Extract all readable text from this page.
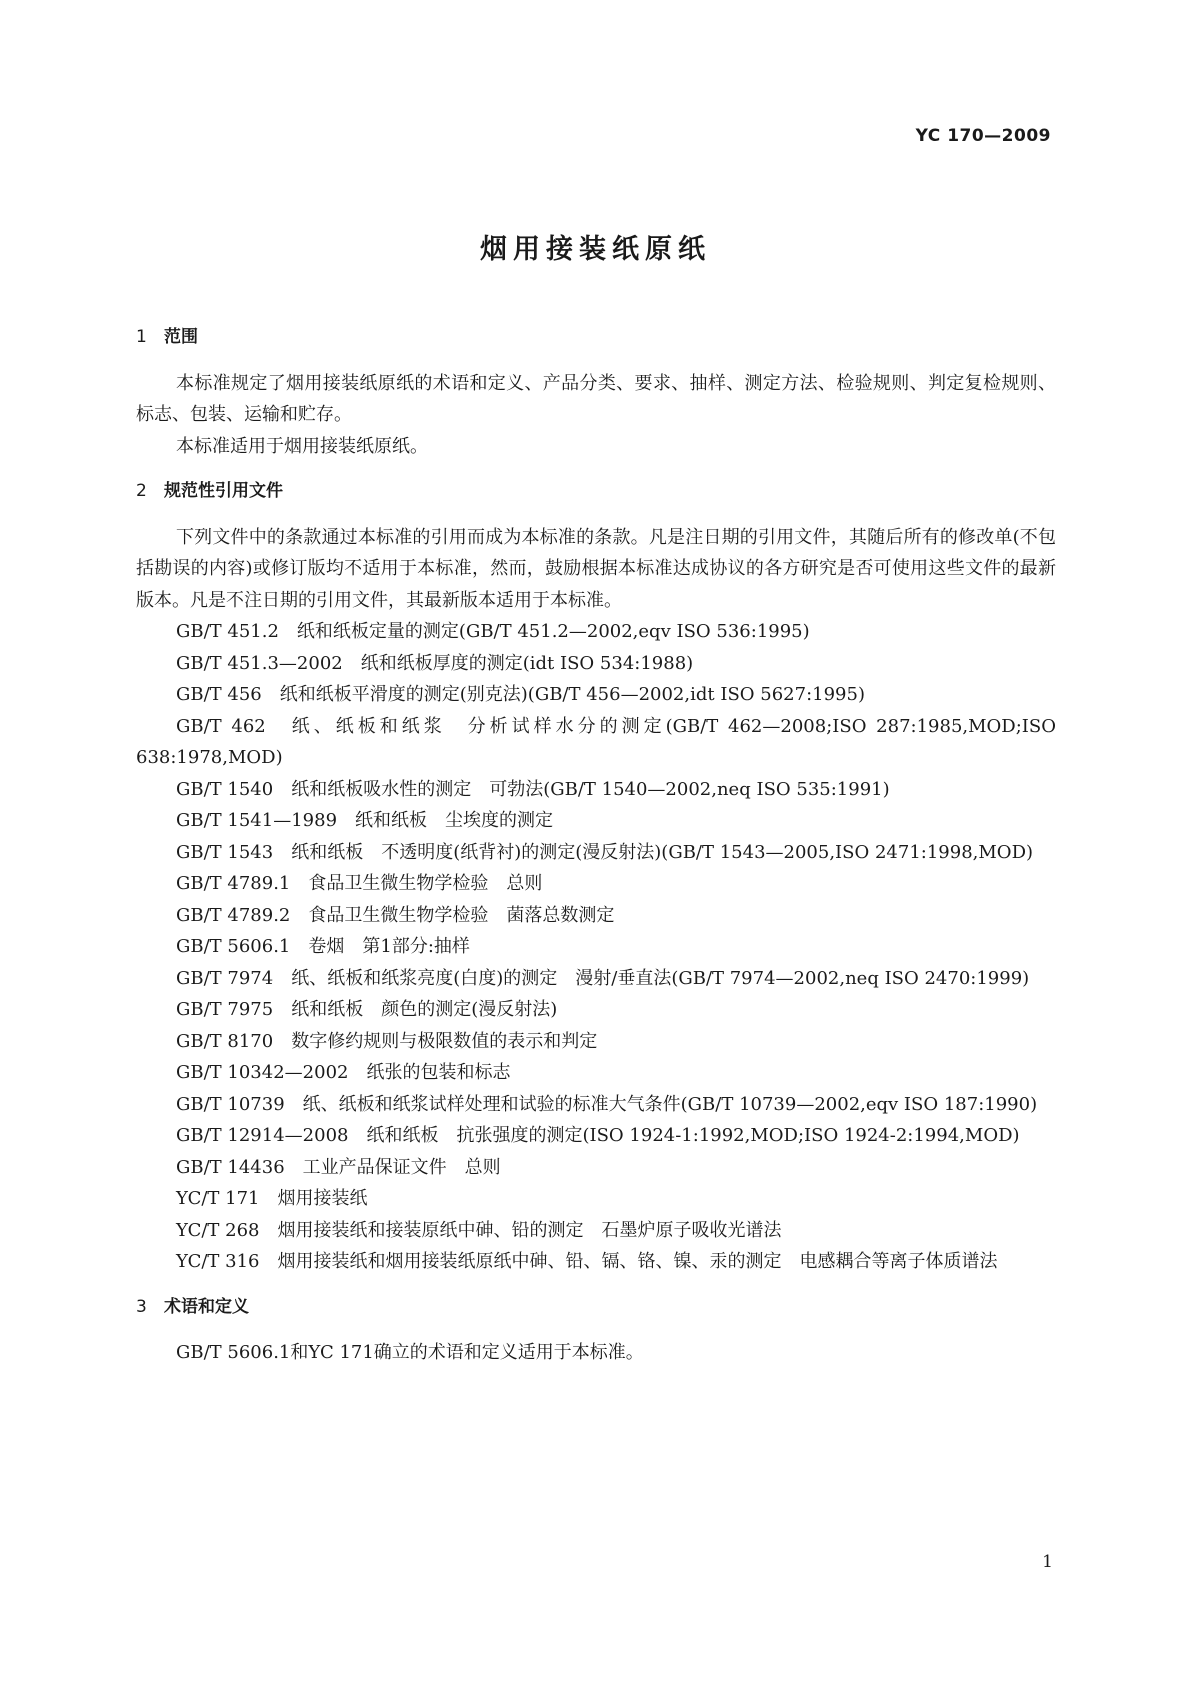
YC 170—2009
烟用接装纸原纸
1 范围
本标准规定了烟用接装纸原纸的术语和定义、产品分类、要求、抽样、测定方法、检验规则、判定复检规则、标志、包装、运输和贮存。
本标准适用于烟用接装纸原纸。
2 规范性引用文件
下列文件中的条款通过本标准的引用而成为本标准的条款。凡是注日期的引用文件，其随后所有的修改单(不包括勘误的内容)或修订版均不适用于本标准，然而，鼓励根据本标准达成协议的各方研究是否可使用这些文件的最新版本。凡是不注日期的引用文件，其最新版本适用于本标准。
GB/T 451.2　纸和纸板定量的测定(GB/T 451.2—2002,eqv ISO 536:1995)
GB/T 451.3—2002　纸和纸板厚度的测定(idt ISO 534:1988)
GB/T 456　纸和纸板平滑度的测定(别克法)(GB/T 456—2002,idt ISO 5627:1995)
GB/T 462　纸、纸板和纸浆　分析试样水分的测定(GB/T 462—2008;ISO 287:1985,MOD;ISO 638:1978,MOD)
GB/T 1540　纸和纸板吸水性的测定　可勃法(GB/T 1540—2002,neq ISO 535:1991)
GB/T 1541—1989　纸和纸板　尘埃度的测定
GB/T 1543　纸和纸板　不透明度(纸背衬)的测定(漫反射法)(GB/T 1543—2005,ISO 2471:1998,MOD)
GB/T 4789.1　食品卫生微生物学检验　总则
GB/T 4789.2　食品卫生微生物学检验　菌落总数测定
GB/T 5606.1　卷烟　第1部分:抽样
GB/T 7974　纸、纸板和纸浆亮度(白度)的测定　漫射/垂直法(GB/T 7974—2002,neq ISO 2470:1999)
GB/T 7975　纸和纸板　颜色的测定(漫反射法)
GB/T 8170　数字修约规则与极限数值的表示和判定
GB/T 10342—2002　纸张的包装和标志
GB/T 10739　纸、纸板和纸浆试样处理和试验的标准大气条件(GB/T 10739—2002,eqv ISO 187:1990)
GB/T 12914—2008　纸和纸板　抗张强度的测定(ISO 1924-1:1992,MOD;ISO 1924-2:1994,MOD)
GB/T 14436　工业产品保证文件　总则
YC/T 171　烟用接装纸
YC/T 268　烟用接装纸和接装原纸中砷、铅的测定　石墨炉原子吸收光谱法
YC/T 316　烟用接装纸和烟用接装纸原纸中砷、铅、镉、铬、镍、汞的测定　电感耦合等离子体质谱法
3 术语和定义
GB/T 5606.1和YC 171确立的术语和定义适用于本标准。
1
